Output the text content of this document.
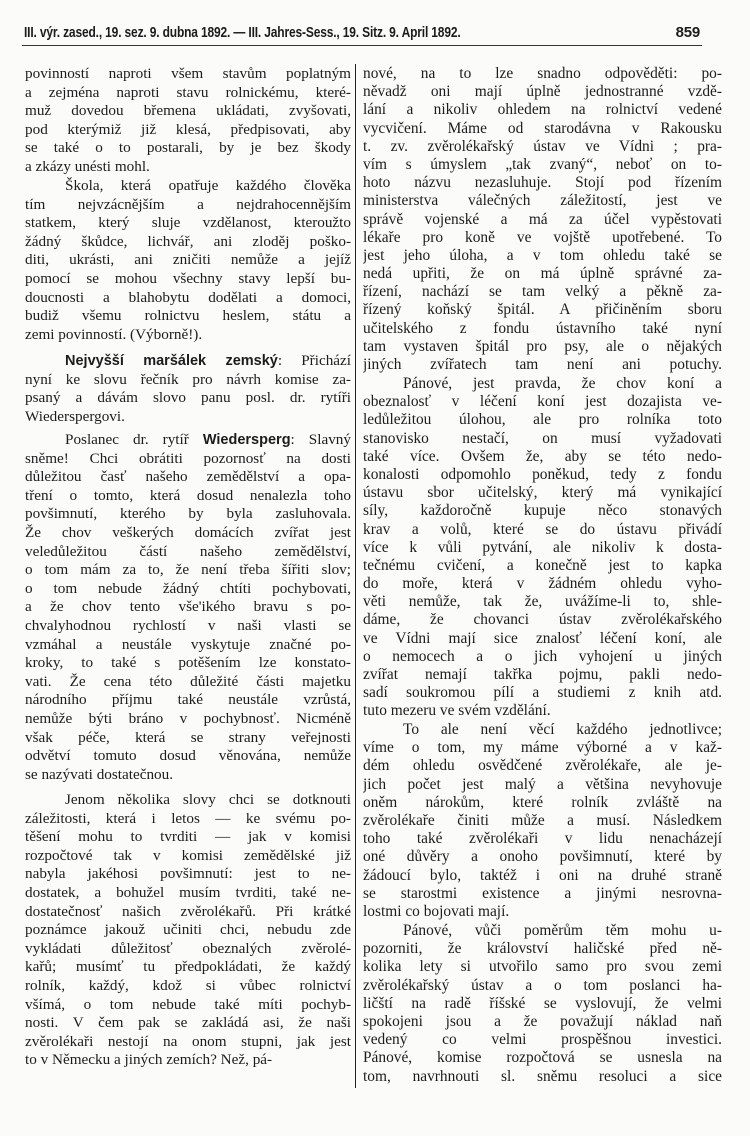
III. výr. zased., 19. sez. 9. dubna 1892. — III. Jahres-Sess., 19. Sitz. 9. April 1892.	859
povinností naproti všem stavům poplatným
a zejména naproti stavu rolnickému, které-
muž dovedou břemena ukládati, zvyšovati,
pod kterýmiž již klesá, předpisovati, aby
se také o to postarali, by je bez škody
a zkázy unésti mohl.
Škola, která opatřuje každého člověka
tím nejvzácnějším a nejdrahocennějším
statkem, který sluje vzdělanost, kteroužto
žádný škůdce, lichvář, ani zloděj poško-
diti, ukrásti, ani zničiti nemůže a jejíž
pomocí se mohou všechny stavy lepší bu-
doucnosti a blahobytu dodělati a domoci,
budiž všemu rolnictvu heslem, státu a
zemi povinností. (Výborně!).
Nejvyšší maršálek zemský: Přichází
nyní ke slovu řečník pro návrh komise za-
psaný a dávám slovo panu posl. dr. rytíři
Wiederspergovi.
Poslanec dr. rytíř Wiedersperg: Slavný
sněme! Chci obrátiti pozornosť na dosti
důležitou časť našeho zemědělství a opa-
tření o tomto, která dosud nenalezla toho
povšimnutí, kterého by byla zasluhovala.
Že chov veškerých domácích zvířat jest
veledůležitou částí našeho zemědělství,
o tom mám za to, že není třeba šířiti slov;
o tom nebude žádný chtíti pochybovati,
a že chov tento vše'ikého bravu s po-
chvalyhodnou rychlostí v naši vlasti se
vzmáhal a neustále vyskytuje značné po-
kroky, to také s potěšením lze konstato-
vati. Že cena této důležité části majetku
národního příjmu také neustále vzrůstá,
nemůže býti bráno v pochybnosť. Nicméně
však péče, která se strany veřejnosti
odvětví tomuto dosud věnována, nemůže
se nazývati dostatečnou.
Jenom několika slovy chci se dotknouti
záležitosti, která i letos — ke svému po-
těšení mohu to tvrditi — jak v komisi
rozpočtové tak v komisi zemědělské již
nabyla jakéhosi povšimnutí: jest to ne-
dostatek, a bohužel musím tvrditi, také ne-
dostatečnosť našich zvěrolékařů. Při krátké
poznámce jakouž učiniti chci, nebudu zde
vykládati důležitosť obeznalých zvěrolé-
kařů; musímť tu předpokládati, že každý
rolník, každý, kdož si vůbec rolnictví
všímá, o tom nebude také míti pochyb-
nosti. V čem pak se zakládá asi, že naši
zvěrolékaři nestojí na onom stupni, jak jest
to v Německu a jiných zemích? Než, pá-
nové, na to lze snadno odpověděti: po-
něvadž oni mají úplně jednostranné vzdě-
lání a nikoliv ohledem na rolnictví vedené
vycvičení. Máme od starodávna v Rakousku
t. zv. zvěrolékařský ústav ve Vídni ; pra-
vím s úmyslem „tak zvaný“, neboť on to-
hoto názvu nezasluhuje. Stojí pod řízením
ministerstva válečných záležitostí, jest ve
správě vojenské a má za účel vypěstovati
lékaře pro koně ve vojště upotřebené. To
jest jeho úloha, a v tom ohledu také se
nedá upřiti, že on má úplně správné za-
řízení, nachází se tam velký a pěkně za-
řízený koňský špitál. A přičiněním sboru
učitelského z fondu ústavního také nyní
tam vystaven špitál pro psy, ale o nějakých
jiných zvířatech tam není ani potuchy.
Pánové, jest pravda, že chov koní a
obeznalosť v léčení koní jest dozajista ve-
ledůležitou úlohou, ale pro rolníka toto
stanovisko nestačí, on musí vyžadovati
také více. Ovšem že, aby se této nedo-
konalosti odpomohlo poněkud, tedy z fondu
ústavu sbor učitelský, který má vynikající
síly, každoročně kupuje něco stonavých
krav a volů, které se do ústavu přivádí
více k vůli pytvání, ale nikoliv k dosta-
tečnému cvičení, a konečně jest to kapka
do moře, která v žádném ohledu vyho-
věti nemůže, tak že, uvážíme-li to, shle-
dáme, že chovanci ústav zvěrolékařského
ve Vídni mají sice znalosť léčení koní, ale
o nemocech a o jich vyhojení u jiných
zvířat nemají takřka pojmu, pakli nedo-
sadí soukromou pílí a studiemi z knih atd.
tuto mezeru ve svém vzdělání.
To ale není věcí každého jednotlivce;
víme o tom, my máme výborné a v kaž-
dém ohledu osvědčené zvěrolékaře, ale je-
jich počet jest malý a většina nevyhovuje
oněm nárokům, které rolník zvláště na
zvěrolékaře činiti může a musí. Následkem
toho také zvěrolékaři v lidu nenacházejí
oné důvěry a onoho povšimnutí, které by
žádoucí bylo, taktéž i oni na druhé straně
se starostmi existence a jinými nesrovna-
lostmi co bojovati mají.
Pánové, vůči poměrům těm mohu u-
pozorniti, že království haličské před ně-
kolika lety si utvořilo samo pro svou zemi
zvěrolékařský ústav a o tom poslanci ha-
ličští na radě říšské se vyslovují, že velmi
spokojeni jsou a že považují náklad naň
vedený co velmi prospěšnou investici.
Pánové, komise rozpočtová se usnesla na
tom, navrhnouti sl. sněmu resoluci a sice
